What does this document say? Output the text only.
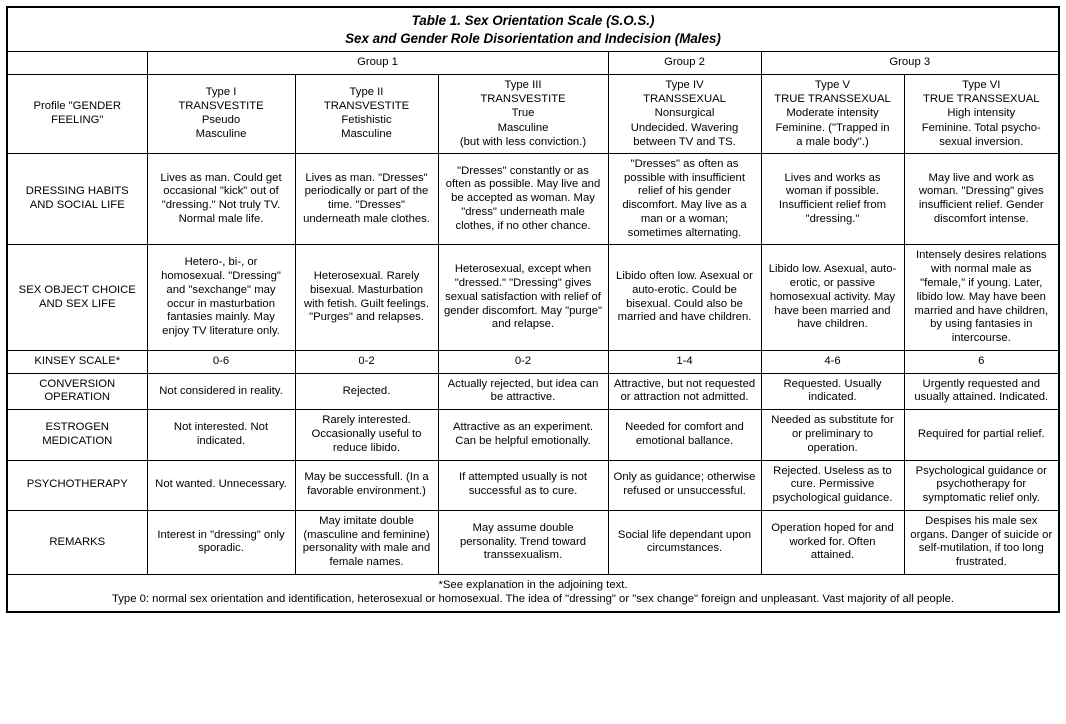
Table 1. Sex Orientation Scale (S.O.S.)
Sex and Gender Role Disorientation and Indecision (Males)						

	Group 1			Group 2	Group 3	
Profile "GENDER FEELING"	Type I
TRANSVESTITE
Pseudo
Masculine	Type II
TRANSVESTITE
Fetishistic
Masculine	Type III
TRANSVESTITE
True
Masculine
(but with less conviction.)	Type IV
TRANSSEXUAL
Nonsurgical
Undecided. Wavering
between TV and TS.	Type V
TRUE TRANSSEXUAL
Moderate intensity
Feminine. ("Trapped in
a male body".)	Type VI
TRUE TRANSSEXUAL
High intensity
Feminine. Total psycho-
sexual inversion.

DRESSING HABITS AND SOCIAL LIFE	Lives as man. Could get occasional "kick" out of "dressing." Not truly TV. Normal male life.	Lives as man. "Dresses" periodically or part of the time. "Dresses" underneath male clothes.	"Dresses" constantly or as often as possible. May live and be accepted as woman. May "dress" underneath male clothes, if no other chance.	"Dresses" as often as possible with insufficient relief of his gender discomfort. May live as a man or a woman; sometimes alternating.	Lives and works as woman if possible. Insufficient relief from "dressing."	May live and work as woman. "Dressing" gives insufficient relief. Gender discomfort intense.
SEX OBJECT CHOICE AND SEX LIFE	Hetero-, bi-, or homosexual. "Dressing" and "sexchange" may occur in masturbation fantasies mainly. May enjoy TV literature only.	Heterosexual. Rarely bisexual. Masturbation with fetish. Guilt feelings. "Purges" and relapses.	Heterosexual, except when "dressed." "Dressing" gives sexual satisfaction with relief of gender discomfort. May "purge" and relapse.	Libido often low. Asexual or auto-erotic. Could be bisexual. Could also be married and have children.	Libido low. Asexual, auto-erotic, or passive homosexual activity. May have been married and have children.	Intensely desires relations with normal male as "female," if young. Later, libido low. May have been married and have children, by using fantasies in intercourse.
KINSEY SCALE*	0-6	0-2	0-2	1-4	4-6	6
CONVERSION OPERATION	Not considered in reality.	Rejected.	Actually rejected, but idea can be attractive.	Attractive, but not requested or attraction not admitted.	Requested. Usually indicated.	Urgently requested and usually attained. Indicated.
ESTROGEN MEDICATION	Not interested. Not indicated.	Rarely interested. Occasionally useful to reduce libido.	Attractive as an experiment. Can be helpful emotionally.	Needed for comfort and emotional ballance.	Needed as substitute for or preliminary to operation.	Required for partial relief.
PSYCHOTHERAPY	Not wanted. Unnecessary.	May be successfull. (In a favorable environment.)	If attempted usually is not successful as to cure.	Only as guidance; otherwise refused or unsuccessful.	Rejected. Useless as to cure. Permissive psychological guidance.	Psychological guidance or psychotherapy for symptomatic relief only.
REMARKS	Interest in "dressing" only sporadic.	May imitate double (masculine and feminine) personality with male and female names.	May assume double personality. Trend toward transsexualism.	Social life dependant upon circumstances.	Operation hoped for and worked for. Often attained.	Despises his male sex organs. Danger of suicide or self-mutilation, if too long frustrated.

*See explanation in the adjoining text.
Type 0: normal sex orientation and identification, heterosexual or homosexual. The idea of "dressing" or "sex change" foreign and unpleasant. Vast majority of all people.						
